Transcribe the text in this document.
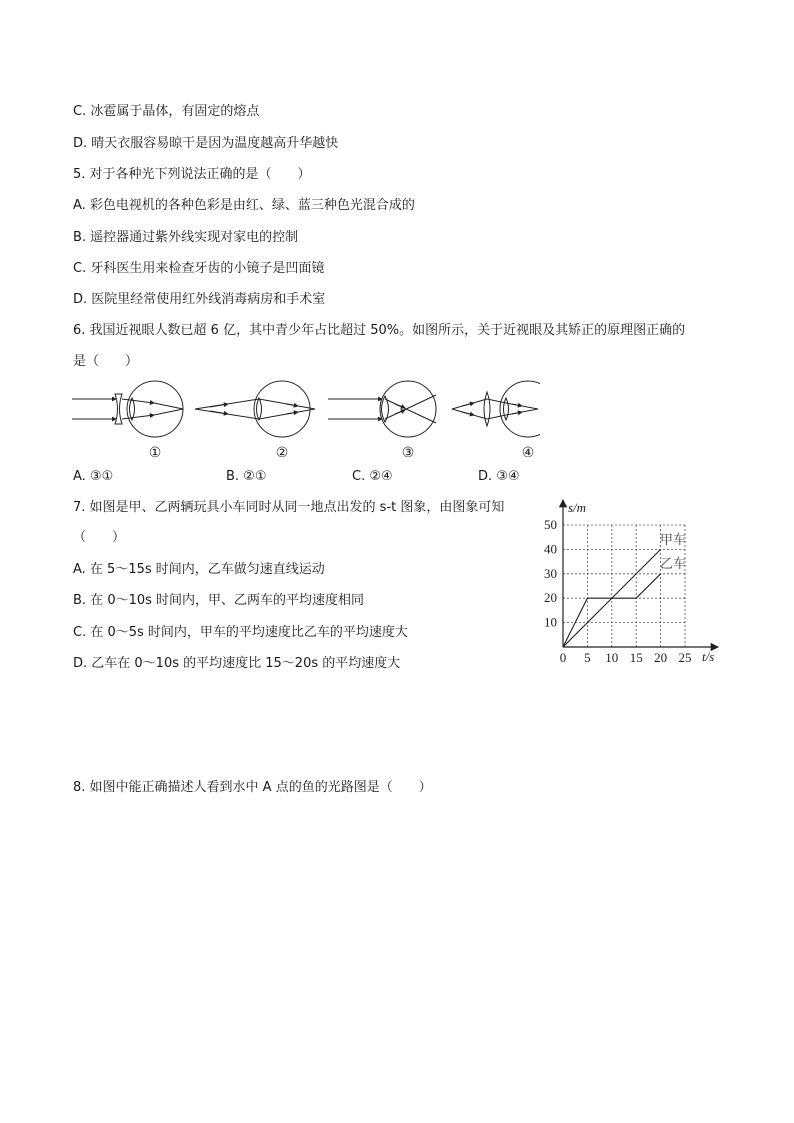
C. 冰雹属于晶体，有固定的熔点
D. 晴天衣服容易晾干是因为温度越高升华越快
5. 对于各种光下列说法正确的是（　　）
A. 彩色电视机的各种色彩是由红、绿、蓝三种色光混合成的
B. 遥控器通过紫外线实现对家电的控制
C. 牙科医生用来检查牙齿的小镜子是凹面镜
D. 医院里经常使用红外线消毒病房和手术室
6. 我国近视眼人数已超 6 亿，其中青少年占比超过 50%。如图所示，关于近视眼及其矫正的原理图正确的
是（　　）
①	②	③	④
A. ③①	B. ②①	C. ②④	D. ③④
7. 如图是甲、乙两辆玩具小车同时从同一地点出发的 s-t 图象，由图象可知
（　　）
A. 在 5～15s 时间内，乙车做匀速直线运动
B. 在 0～10s 时间内，甲、乙两车的平均速度相同
C. 在 0～5s 时间内，甲车的平均速度比乙车的平均速度大
D. 乙车在 0～10s 的平均速度比 15～20s 的平均速度大	0 5 10 15 20 25
10
20
30
40
50
s/m
t/s
甲车
乙车
8. 如图中能正确描述人看到水中 A 点的鱼的光路图是（　　）
